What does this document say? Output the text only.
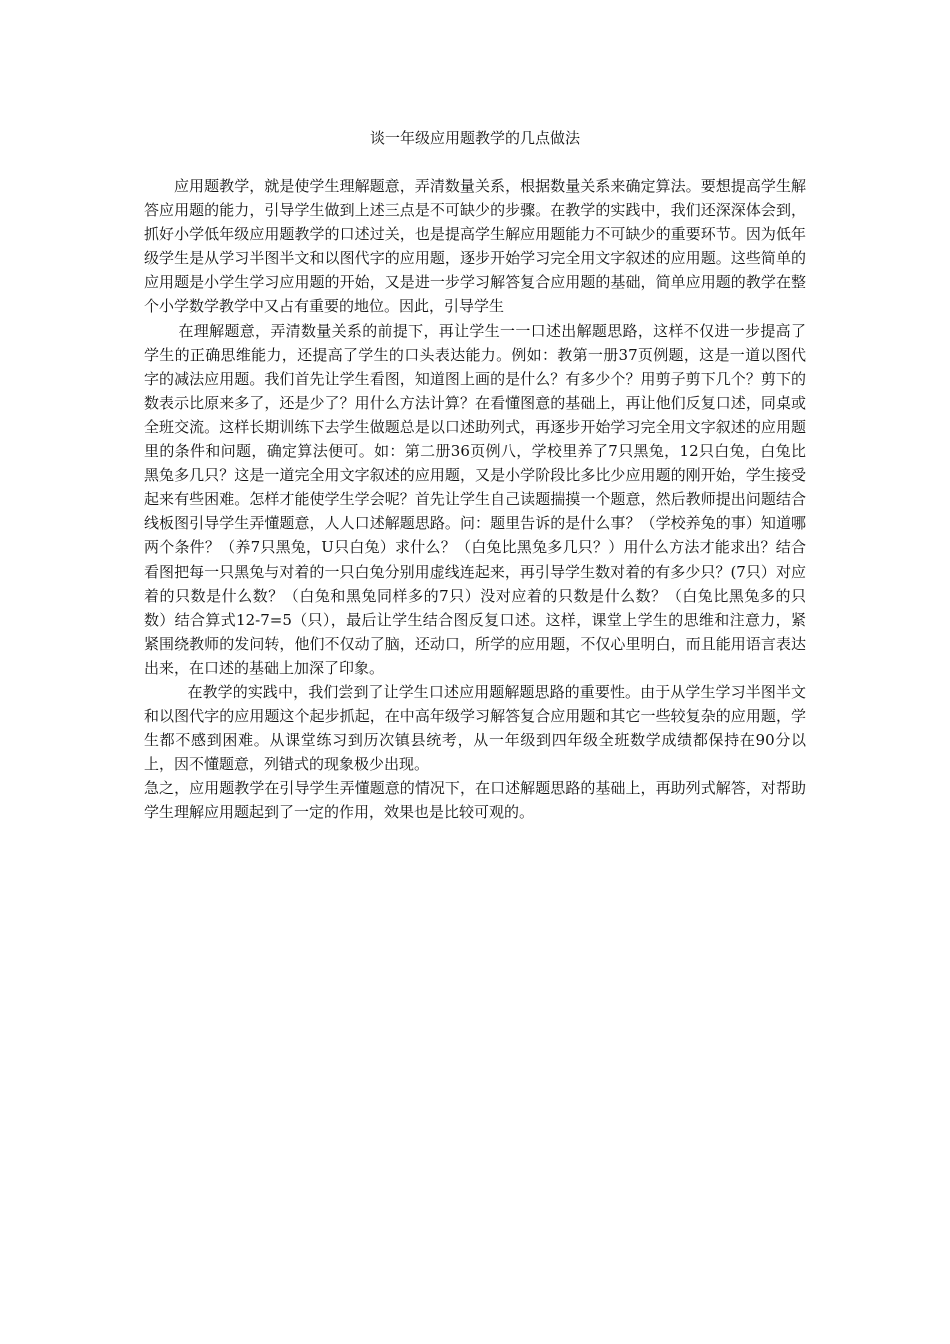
谈一年级应用题教学的几点做法

应用题教学，就是使学生理解题意，弄清数量关系，根据数量关系来确定算法。要想提高学生解答应用题的能力，引导学生做到上述三点是不可缺少的步骤。在教学的实践中，我们还深深体会到，抓好小学低年级应用题教学的口述过关，也是提高学生解应用题能力不可缺少的重要环节。因为低年级学生是从学习半图半文和以图代字的应用题，逐步开始学习完全用文字叙述的应用题。这些简单的应用题是小学生学习应用题的开始，又是进一步学习解答复合应用题的基础，简单应用题的教学在整个小学数学教学中又占有重要的地位。因此，引导学生

在理解题意，弄清数量关系的前提下，再让学生一一口述出解题思路，这样不仅进一步提高了学生的正确思维能力，还提高了学生的口头表达能力。例如：教第一册37页例题，这是一道以图代字的减法应用题。我们首先让学生看图，知道图上画的是什么？有多少个？用剪子剪下几个？剪下的数表示比原来多了，还是少了？用什么方法计算？在看懂图意的基础上，再让他们反复口述，同桌或全班交流。这样长期训练下去学生做题总是以口述助列式，再逐步开始学习完全用文字叙述的应用题里的条件和问题，确定算法便可。如：第二册36页例八，学校里养了7只黑兔，12只白兔，白兔比黑兔多几只？这是一道完全用文字叙述的应用题，又是小学阶段比多比少应用题的刚开始，学生接受起来有些困难。怎样才能使学生学会呢？首先让学生自己读题揣摸一个题意，然后教师提出问题结合线板图引导学生弄懂题意，人人口述解题思路。问：题里告诉的是什么事？（学校养兔的事）知道哪两个条件？（养7只黑兔，U只白兔）求什么？（白兔比黑兔多几只？）用什么方法才能求出？结合看图把每一只黑兔与对着的一只白兔分别用虚线连起来，再引导学生数对着的有多少只？(7只）对应着的只数是什么数？（白兔和黑兔同样多的7只）没对应着的只数是什么数？（白兔比黑兔多的只数）结合算式12-7=5（只），最后让学生结合图反复口述。这样，课堂上学生的思维和注意力，紧紧围绕教师的发问转，他们不仅动了脑，还动口，所学的应用题，不仅心里明白，而且能用语言表达出来，在口述的基础上加深了印象。

在教学的实践中，我们尝到了让学生口述应用题解题思路的重要性。由于从学生学习半图半文和以图代字的应用题这个起步抓起，在中高年级学习解答复合应用题和其它一些较复杂的应用题，学生都不感到困难。从课堂练习到历次镇县统考，从一年级到四年级全班数学成绩都保持在90分以上，因不懂题意，列错式的现象极少出现。

急之，应用题教学在引导学生弄懂题意的情况下，在口述解题思路的基础上，再助列式解答，对帮助学生理解应用题起到了一定的作用，效果也是比较可观的。
